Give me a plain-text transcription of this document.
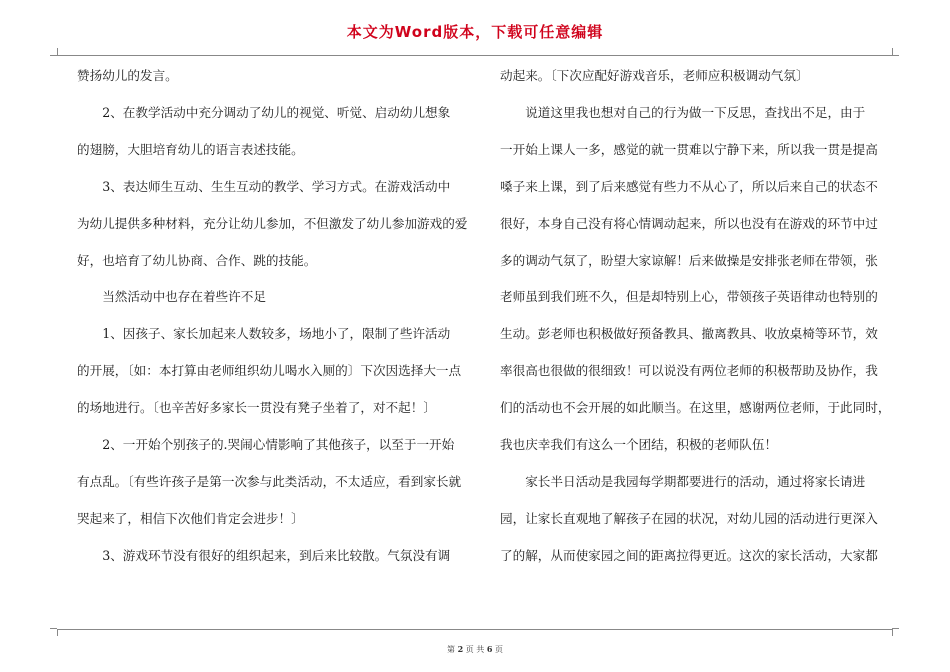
本文为Word版本，下载可任意编辑

赞扬幼儿的发言。

2、在教学活动中充分调动了幼儿的视觉、听觉、启动幼儿想象

的翅膀，大胆培育幼儿的语言表述技能。

3、表达师生互动、生生互动的教学、学习方式。在游戏活动中

为幼儿提供多种材料，充分让幼儿参加，不但激发了幼儿参加游戏的爱

好，也培育了幼儿协商、合作、跳的技能。

当然活动中也存在着些许不足

1、因孩子、家长加起来人数较多，场地小了，限制了些许活动

的开展，〔如：本打算由老师组织幼儿喝水入厕的〕下次因选择大一点

的场地进行。〔也辛苦好多家长一贯没有凳子坐着了，对不起！〕

2、一开始个别孩子的.哭闹心情影响了其他孩子，以至于一开始

有点乱。〔有些许孩子是第一次参与此类活动，不太适应，看到家长就

哭起来了，相信下次他们肯定会进步！〕

3、游戏环节没有很好的组织起来，到后来比较散。气氛没有调

动起来。〔下次应配好游戏音乐，老师应积极调动气氛〕

说道这里我也想对自己的行为做一下反思，查找出不足，由于

一开始上课人一多，感觉的就一贯难以宁静下来，所以我一贯是提高

嗓子来上课，到了后来感觉有些力不从心了，所以后来自己的状态不

很好，本身自己没有将心情调动起来，所以也没有在游戏的环节中过

多的调动气氛了，盼望大家谅解！后来做操是安排张老师在带领，张

老师虽到我们班不久，但是却特别上心，带领孩子英语律动也特别的

生动。彭老师也积极做好预备教具、撤离教具、收放桌椅等环节，效

率很高也很做的很细致！可以说没有两位老师的积极帮助及协作，我

们的活动也不会开展的如此顺当。在这里，感谢两位老师，于此同时，

我也庆幸我们有这么一个团结，积极的老师队伍！

家长半日活动是我园每学期都要进行的活动，通过将家长请进

园，让家长直观地了解孩子在园的状况，对幼儿园的活动进行更深入

了的解，从而使家园之间的距离拉得更近。这次的家长活动，大家都

第 2 页 共 6 页
